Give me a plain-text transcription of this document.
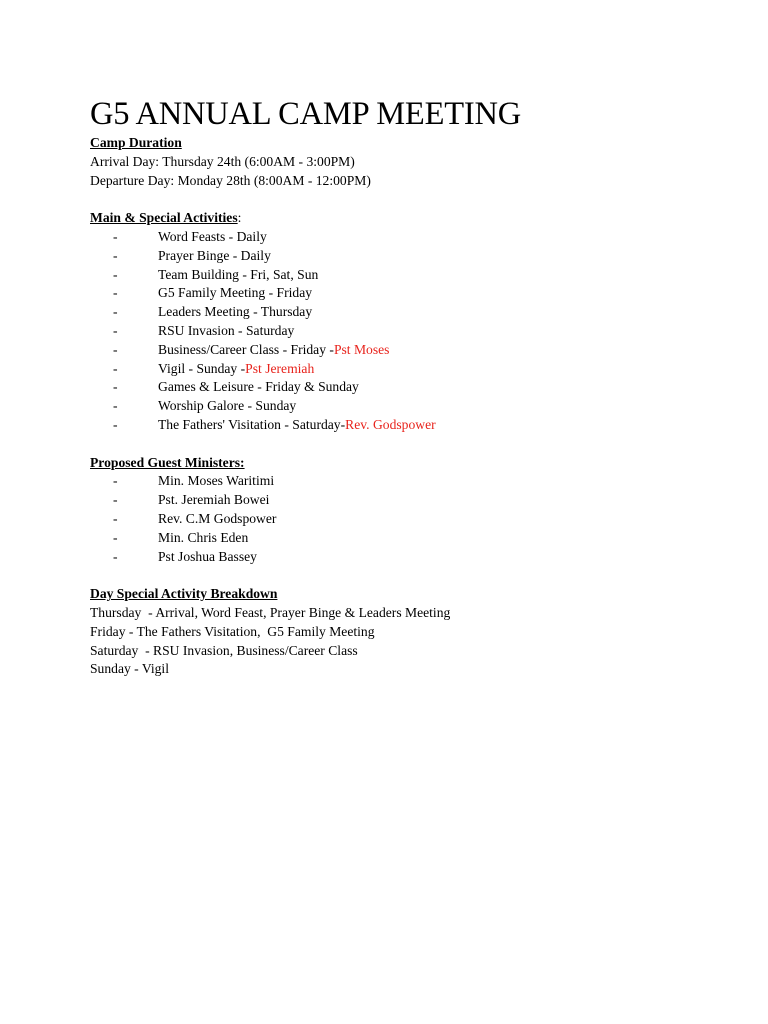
G5 ANNUAL CAMP MEETING
Camp Duration
Arrival Day: Thursday 24th (6:00AM - 3:00PM)
Departure Day: Monday 28th (8:00AM - 12:00PM)
Main & Special Activities:
-	Word Feasts - Daily
-	Prayer Binge - Daily
-	Team Building - Fri, Sat, Sun
-	G5 Family Meeting - Friday
-	Leaders Meeting - Thursday
-	RSU Invasion - Saturday
-	Business/Career Class - Friday - Pst Moses
-	Vigil - Sunday - Pst Jeremiah
-	Games & Leisure - Friday & Sunday
-	Worship Galore - Sunday
-	The Fathers' Visitation - Saturday- Rev. Godspower
Proposed Guest Ministers:
-	Min. Moses Waritimi
-	Pst. Jeremiah Bowei
-	Rev. C.M Godspower
-	Min. Chris Eden
-	Pst Joshua Bassey
Day Special Activity Breakdown
Thursday  - Arrival, Word Feast, Prayer Binge & Leaders Meeting
Friday - The Fathers Visitation,  G5 Family Meeting
Saturday  - RSU Invasion, Business/Career Class
Sunday - Vigil
